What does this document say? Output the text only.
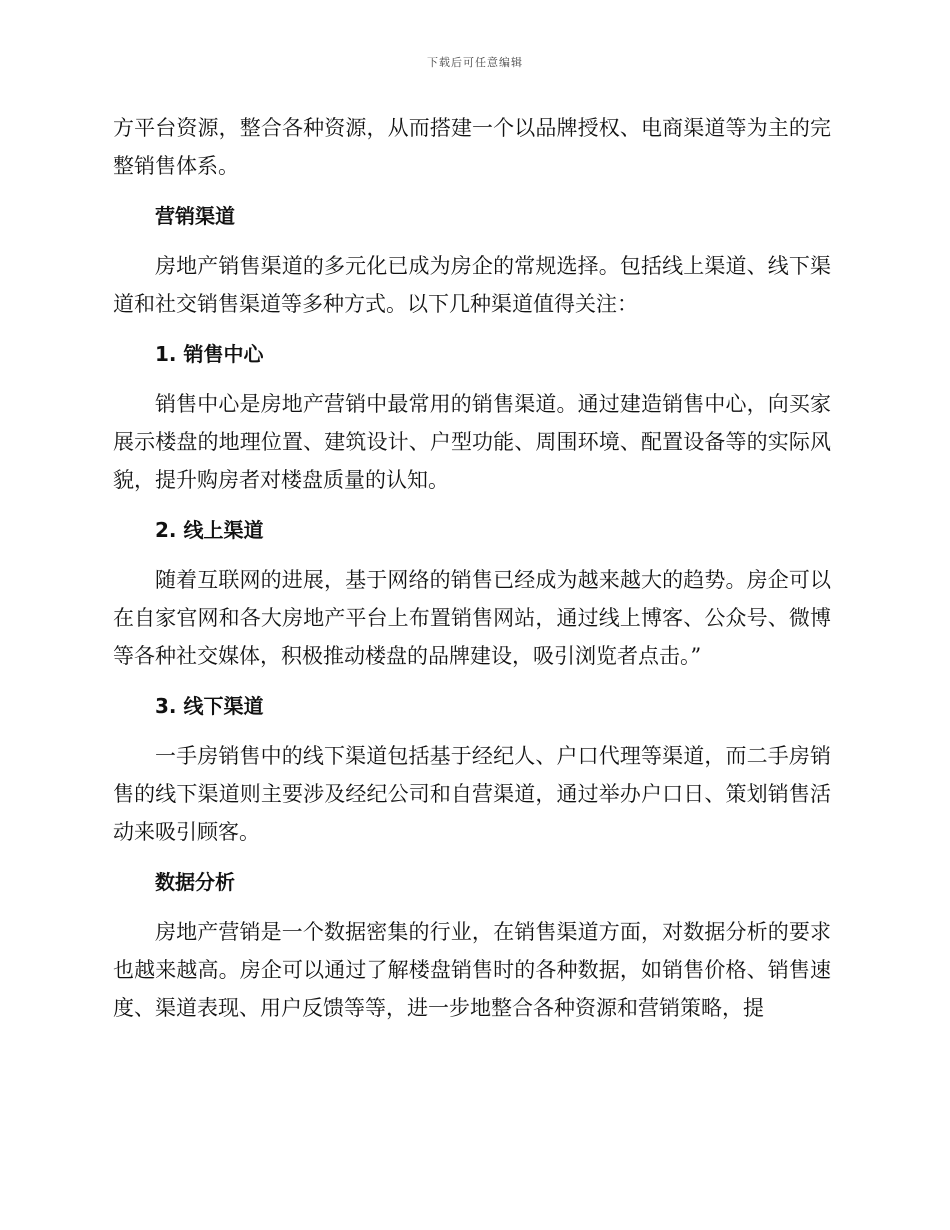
下载后可任意编辑

方平台资源，整合各种资源，从而搭建一个以品牌授权、电商渠道等为主的完整销售体系。

营销渠道

房地产销售渠道的多元化已成为房企的常规选择。包括线上渠道、线下渠道和社交销售渠道等多种方式。以下几种渠道值得关注：

1. 销售中心

销售中心是房地产营销中最常用的销售渠道。通过建造销售中心，向买家展示楼盘的地理位置、建筑设计、户型功能、周围环境、配置设备等的实际风貌，提升购房者对楼盘质量的认知。

2. 线上渠道

随着互联网的进展，基于网络的销售已经成为越来越大的趋势。房企可以在自家官网和各大房地产平台上布置销售网站，通过线上博客、公众号、微博等各种社交媒体，积极推动楼盘的品牌建设，吸引浏览者点击。”

3. 线下渠道

一手房销售中的线下渠道包括基于经纪人、户口代理等渠道，而二手房销售的线下渠道则主要涉及经纪公司和自营渠道，通过举办户口日、策划销售活动来吸引顾客。

数据分析

房地产营销是一个数据密集的行业，在销售渠道方面，对数据分析的要求也越来越高。房企可以通过了解楼盘销售时的各种数据，如销售价格、销售速度、渠道表现、用户反馈等等，进一步地整合各种资源和营销策略，提
